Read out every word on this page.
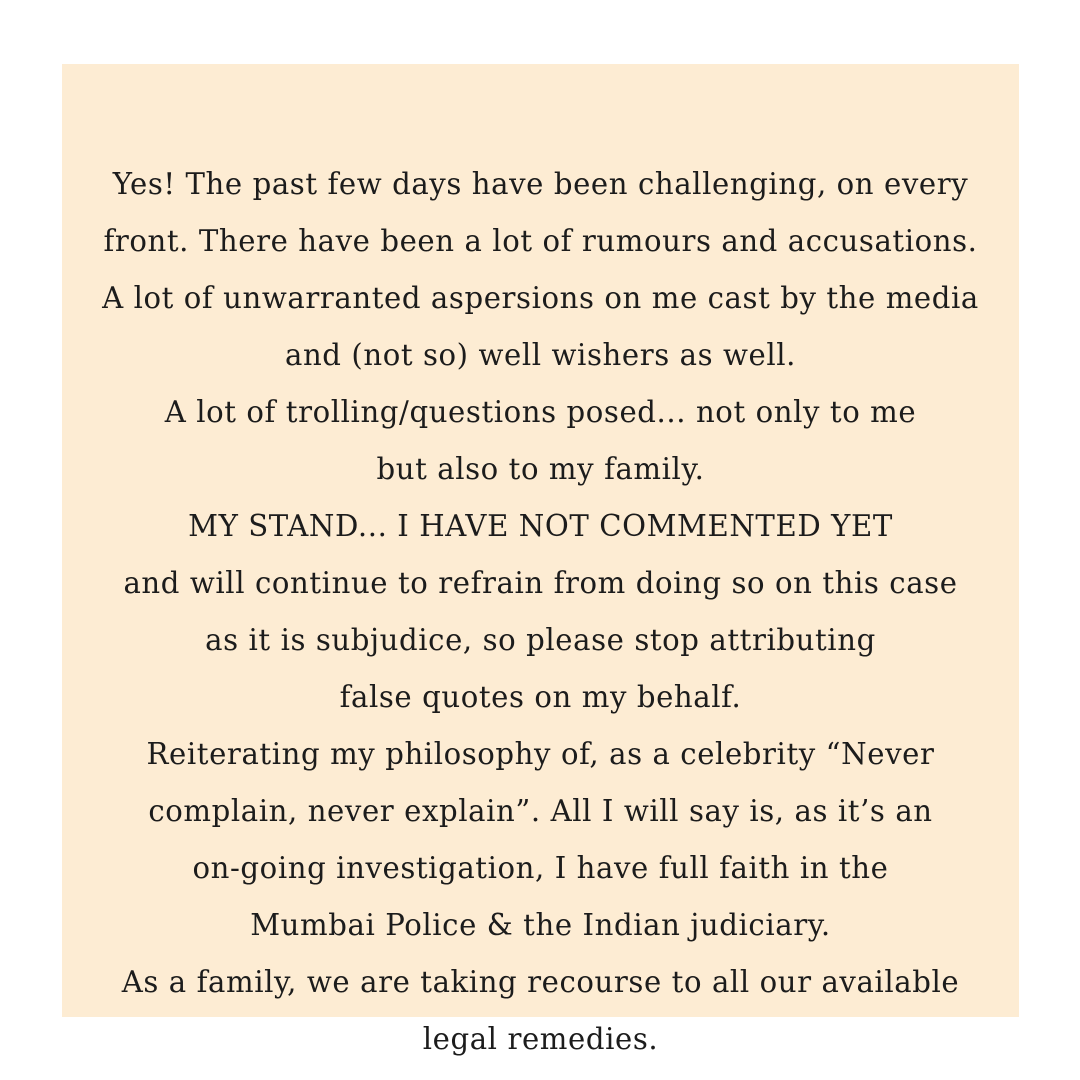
Yes! The past few days have been challenging, on every
front. There have been a lot of rumours and accusations.
A lot of unwarranted aspersions on me cast by the media
and (not so) well wishers as well.
A lot of trolling/questions posed... not only to me
but also to my family.
MY STAND... I HAVE NOT COMMENTED YET
and will continue to refrain from doing so on this case
as it is subjudice, so please stop attributing
false quotes on my behalf.
Reiterating my philosophy of, as a celebrity “Never
complain, never explain”. All I will say is, as it’s an
on-going investigation, I have full faith in the
Mumbai Police & the Indian judiciary.
As a family, we are taking recourse to all our available
legal remedies.
